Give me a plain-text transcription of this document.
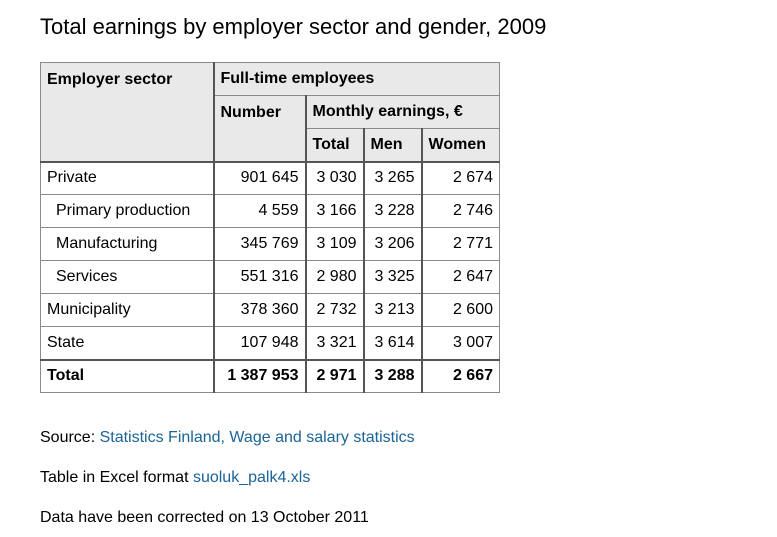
Total earnings by employer sector and gender, 2009
Employer sector	Full-time employees			
	Number	Monthly earnings, €		
		Total	Men	Women
Private	901 645	3 030	3 265	2 674
Primary production	4 559	3 166	3 228	2 746
Manufacturing	345 769	3 109	3 206	2 771
Services	551 316	2 980	3 325	2 647
Municipality	378 360	2 732	3 213	2 600
State	107 948	3 321	3 614	3 007
Total	1 387 953	2 971	3 288	2 667
Source: Statistics Finland, Wage and salary statistics
Table in Excel format suoluk_palk4.xls
Data have been corrected on 13 October 2011
